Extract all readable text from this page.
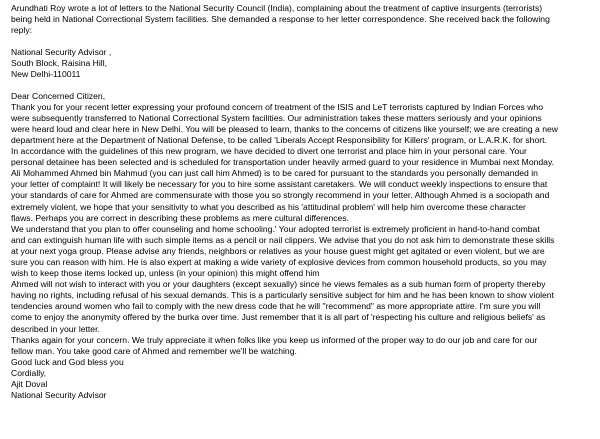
Arundhati Roy wrote a lot of letters to the National Security Council (India), complaining about the treatment of captive insurgents (terrorists)
being held in National Correctional System facilities. She demanded a response to her letter correspondence. She received back the following
reply:
National Security Advisor ,
South Block, Raisina Hill,
New Delhi-110011
Dear Concerned Citizen,
Thank you for your recent letter expressing your profound concern of treatment of the ISIS and LeT terrorists captured by Indian Forces who
were subsequently transferred to National Correctional System facilities. Our administration takes these matters seriously and your opinions
were heard loud and clear here in New Delhi. You will be pleased to learn, thanks to the concerns of citizens like yourself; we are creating a new
department here at the Department of National Defense, to be called 'Liberals Accept Responsibility for Killers' program, or L.A.R.K. for short.
In accordance with the guidelines of this new program, we have decided to divert one terrorist and place him in your personal care. Your
personal detainee has been selected and is scheduled for transportation under heavily armed guard to your residence in Mumbai next Monday.
Ali Mohammed Ahmed bin Mahmud (you can just call him Ahmed) is to be cared for pursuant to the standards you personally demanded in
your letter of complaint! It will likely be necessary for you to hire some assistant caretakers. We will conduct weekly inspections to ensure that
your standards of care for Ahmed are commensurate with those you so strongly recommend in your letter. Although Ahmed is a sociopath and
extremely violent, we hope that your sensitivity to what you described as his 'attitudinal problem' will help him overcome these character
flaws. Perhaps you are correct in describing these problems as mere cultural differences.
We understand that you plan to offer counseling and home schooling.' Your adopted terrorist is extremely proficient in hand-to-hand combat
and can extinguish human life with such simple items as a pencil or nail clippers. We advise that you do not ask him to demonstrate these skills
at your next yoga group. Please advise any friends, neighbors or relatives as your house guest might get agitated or even violent, but we are
sure you can reason with him. He is also expert at making a wide variety of explosive devices from common household products, so you may
wish to keep those items locked up, unless (in your opinion) this might offend him
Ahmed will not wish to interact with you or your daughters (except sexually) since he views females as a sub human form of property thereby
having no rights, including refusal of his sexual demands. This is a particularly sensitive subject for him and he has been known to show violent
tendencies around women who fail to comply with the new dress code that he will "recommend" as more appropriate attire. I'm sure you will
come to enjoy the anonymity offered by the burka over time. Just remember that it is all part of 'respecting his culture and religious beliefs' as
described in your letter.
Thanks again for your concern. We truly appreciate it when folks like you keep us informed of the proper way to do our job and care for our
fellow man. You take good care of Ahmed and remember we'll be watching.
Good luck and God bless you
Cordially,
Ajit Doval
National Security Advisor
